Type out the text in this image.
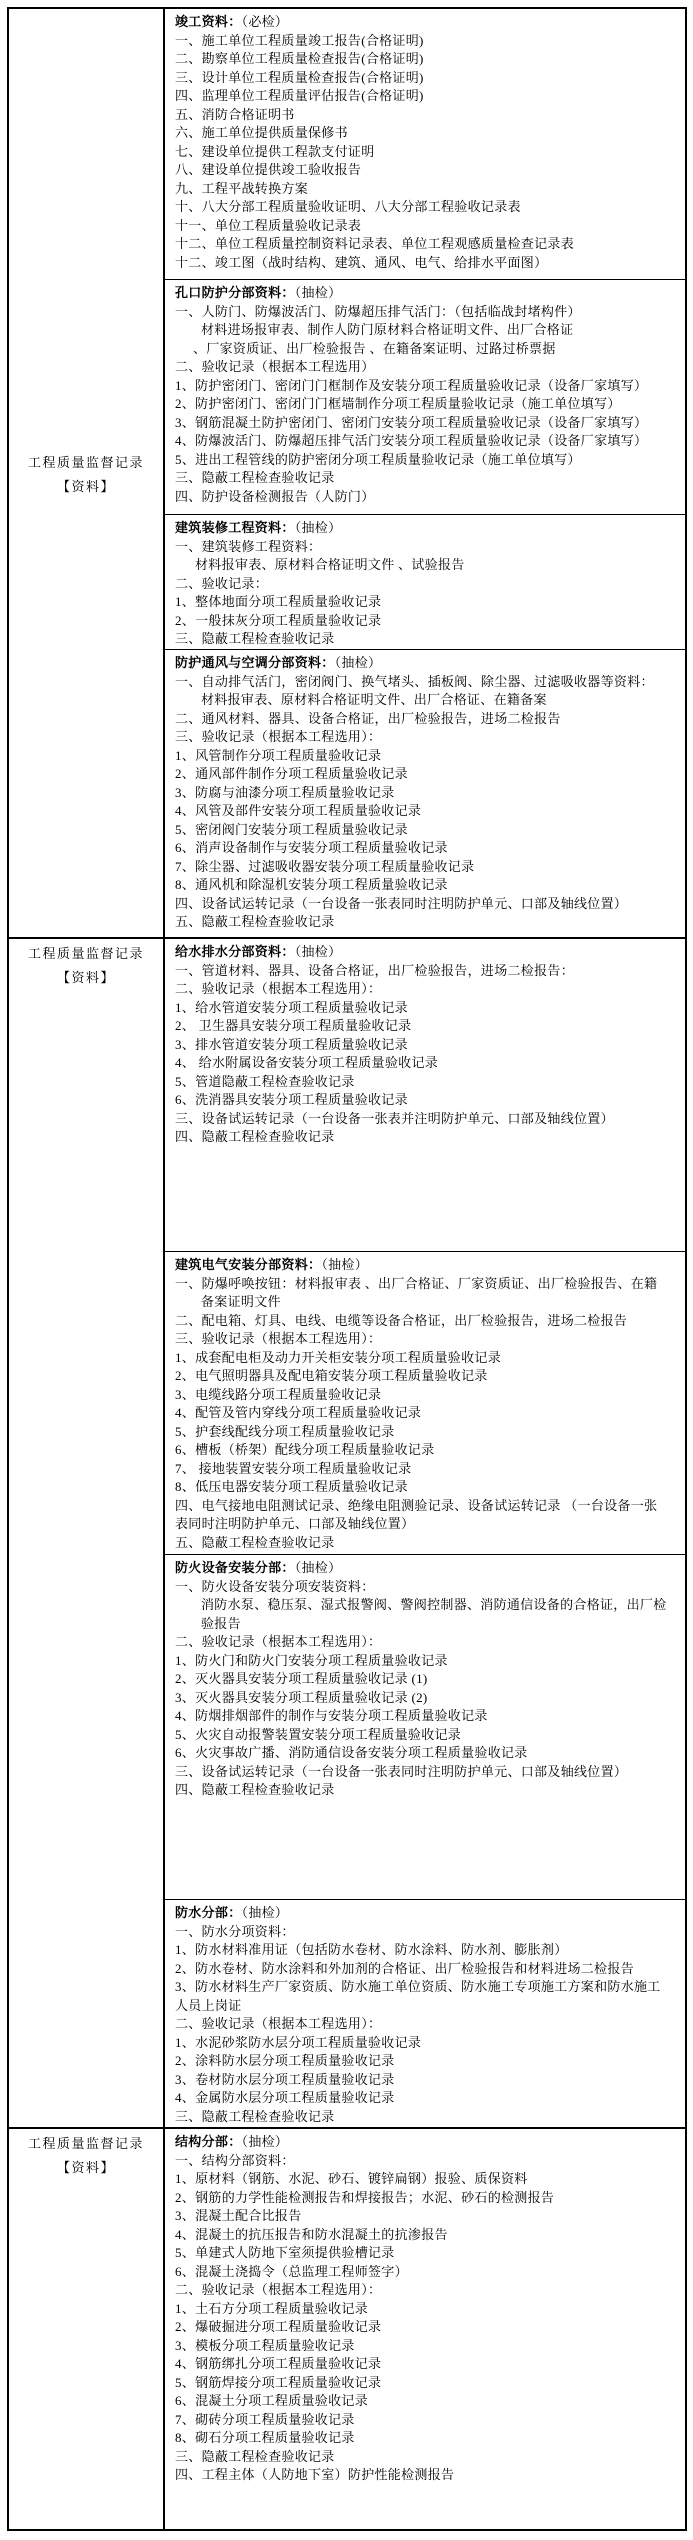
工程质量监督记录
【资料】
竣工资料：（必检）
一、施工单位工程质量竣工报告(合格证明)
二、勘察单位工程质量检查报告(合格证明)
三、设计单位工程质量检查报告(合格证明)
四、监理单位工程质量评估报告(合格证明)
五、消防合格证明书
六、施工单位提供质量保修书
七、建设单位提供工程款支付证明
八、建设单位提供竣工验收报告
九、工程平战转换方案
十、八大分部工程质量验收证明、八大分部工程验收记录表
十一、单位工程质量验收记录表
十二、单位工程质量控制资料记录表、单位工程观感质量检查记录表
十二、竣工图（战时结构、建筑、通风、电气、给排水平面图）
孔口防护分部资料：（抽检）
一、人防门、防爆波活门、防爆超压排气活门：（包括临战封堵构件）
材料进场报审表、制作人防门原材料合格证明文件、出厂合格证
、厂家资质证、出厂检验报告 、在籍备案证明、过路过桥票据
二、验收记录（根据本工程选用）
1、防护密闭门、密闭门门框制作及安装分项工程质量验收记录（设备厂家填写）
2、防护密闭门、密闭门门框墙制作分项工程质量验收记录（施工单位填写）
3、钢筋混凝土防护密闭门、密闭门安装分项工程质量验收记录（设备厂家填写）
4、防爆波活门、防爆超压排气活门安装分项工程质量验收记录（设备厂家填写）
5、进出工程管线的防护密闭分项工程质量验收记录（施工单位填写）
三、隐蔽工程检查验收记录
四、防护设备检测报告（人防门）
建筑装修工程资料：（抽检）
一、建筑装修工程资料：
材料报审表、原材料合格证明文件 、试验报告
二、验收记录：
1、整体地面分项工程质量验收记录
2、一般抹灰分项工程质量验收记录
三、隐蔽工程检查验收记录
防护通风与空调分部资料：（抽检）
一、自动排气活门，密闭阀门、换气堵头、插板阀、除尘器、过滤吸收器等资料：
材料报审表、原材料合格证明文件、出厂合格证、在籍备案
二、通风材料、器具、设备合格证，出厂检验报告，进场二检报告
三、验收记录（根据本工程选用）：
1、风管制作分项工程质量验收记录
2、通风部件制作分项工程质量验收记录
3、防腐与油漆分项工程质量验收记录
4、风管及部件安装分项工程质量验收记录
5、密闭阀门安装分项工程质量验收记录
6、消声设备制作与安装分项工程质量验收记录
7、除尘器、过滤吸收器安装分项工程质量验收记录
8、通风机和除湿机安装分项工程质量验收记录
四、设备试运转记录（一台设备一张表同时注明防护单元、口部及轴线位置）
五、隐蔽工程检查验收记录
工程质量监督记录
【资料】
给水排水分部资料：（抽检）
一、管道材料、器具、设备合格证，出厂检验报告，进场二检报告：
二、验收记录（根据本工程选用）：
1、给水管道安装分项工程质量验收记录
2、 卫生器具安装分项工程质量验收记录
3、排水管道安装分项工程质量验收记录
4、 给水附属设备安装分项工程质量验收记录
5、管道隐蔽工程检查验收记录
6、洗消器具安装分项工程质量验收记录
三、设备试运转记录（一台设备一张表并注明防护单元、口部及轴线位置）
四、隐蔽工程检查验收记录
建筑电气安装分部资料：（抽检）
一、防爆呼唤按钮：材料报审表 、出厂合格证、厂家资质证、出厂检验报告、在籍
备案证明文件
二、配电箱、灯具、电线、电缆等设备合格证，出厂检验报告，进场二检报告
三、验收记录（根据本工程选用）：
1、成套配电柜及动力开关柜安装分项工程质量验收记录
2、电气照明器具及配电箱安装分项工程质量验收记录
3、电缆线路分项工程质量验收记录
4、配管及管内穿线分项工程质量验收记录
5、护套线配线分项工程质量验收记录
6、槽板（桥架）配线分项工程质量验收记录
7、 接地装置安装分项工程质量验收记录
8、低压电器安装分项工程质量验收记录
四、电气接地电阻测试记录、绝缘电阻测验记录、设备试运转记录 （一台设备一张
表同时注明防护单元、口部及轴线位置）
五、隐蔽工程检查验收记录
防火设备安装分部：（抽检）
一、防火设备安装分项安装资料：
消防水泵、稳压泵、湿式报警阀、警阀控制器、消防通信设备的合格证，出厂检
验报告
二、验收记录（根据本工程选用）：
1、防火门和防火门安装分项工程质量验收记录
2、灭火器具安装分项工程质量验收记录 (1)
3、灭火器具安装分项工程质量验收记录 (2)
4、防烟排烟部件的制作与安装分项工程质量验收记录
5、火灾自动报警装置安装分项工程质量验收记录
6、火灾事故广播、消防通信设备安装分项工程质量验收记录
三、设备试运转记录（一台设备一张表同时注明防护单元、口部及轴线位置）
四、隐蔽工程检查验收记录
防水分部：（抽检）
一、防水分项资料：
1、防水材料准用证（包括防水卷材、防水涂料、防水剂、膨胀剂）
2、防水卷材、防水涂料和外加剂的合格证、出厂检验报告和材料进场二检报告
3、防水材料生产厂家资质、防水施工单位资质、防水施工专项施工方案和防水施工
人员上岗证
二、验收记录（根据本工程选用）：
1、水泥砂浆防水层分项工程质量验收记录
2、涂料防水层分项工程质量验收记录
3、卷材防水层分项工程质量验收记录
4、金属防水层分项工程质量验收记录
三、隐蔽工程检查验收记录
工程质量监督记录
【资料】
结构分部：（抽检）
一、结构分部资料：
1、原材料（钢筋、水泥、砂石、镀锌扁钢）报验、质保资料
2、钢筋的力学性能检测报告和焊接报告；水泥、砂石的检测报告
3、混凝土配合比报告
4、混凝土的抗压报告和防水混凝土的抗渗报告
5、单建式人防地下室须提供验槽记录
6、混凝土浇捣令（总监理工程师签字）
二、验收记录（根据本工程选用）：
1、土石方分项工程质量验收记录
2、爆破掘进分项工程质量验收记录
3、模板分项工程质量验收记录
4、钢筋绑扎分项工程质量验收记录
5、钢筋焊接分项工程质量验收记录
6、混凝土分项工程质量验收记录
7、砌砖分项工程质量验收记录
8、砌石分项工程质量验收记录
三、隐蔽工程检查验收记录
四、工程主体（人防地下室）防护性能检测报告
